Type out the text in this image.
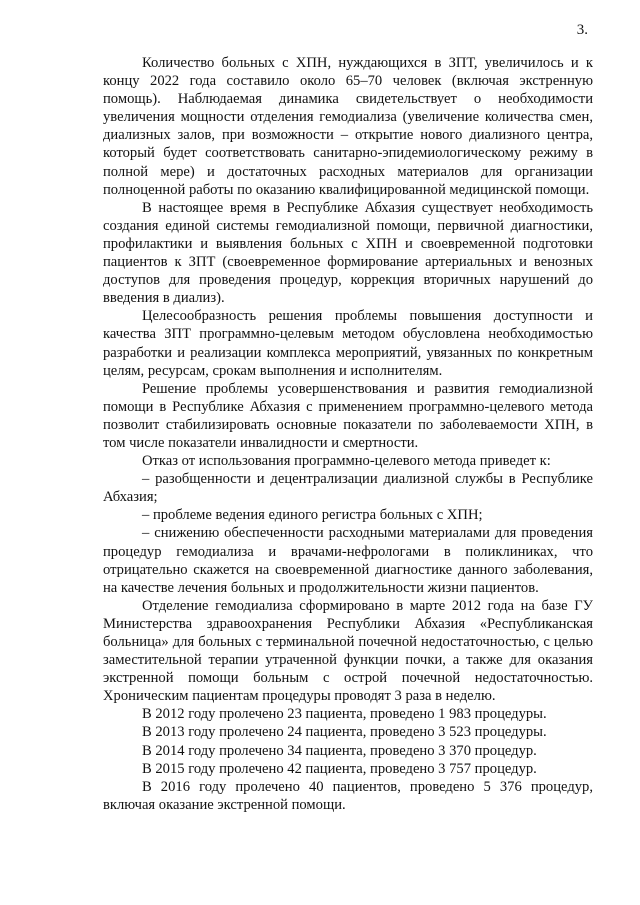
3.

Количество больных с ХПН, нуждающихся в ЗПТ, увеличилось и к концу 2022 года составило около 65–70 человек (включая экстренную помощь). Наблюдаемая динамика свидетельствует о необходимости увеличения мощности отделения гемодиализа (увеличение количества смен, диализных залов, при возможности – открытие нового диализного центра, который будет соответствовать санитарно-эпидемиологическому режиму в полной мере) и достаточных расходных материалов для организации полноценной работы по оказанию квалифицированной медицинской помощи.

В настоящее время в Республике Абхазия существует необходимость создания единой системы гемодиализной помощи, первичной диагностики, профилактики и выявления больных с ХПН и своевременной подготовки пациентов к ЗПТ (своевременное формирование артериальных и венозных доступов для проведения процедур, коррекция вторичных нарушений до введения в диализ).

Целесообразность решения проблемы повышения доступности и качества ЗПТ программно-целевым методом обусловлена необходимостью разработки и реализации комплекса мероприятий, увязанных по конкретным целям, ресурсам, срокам выполнения и исполнителям.

Решение проблемы усовершенствования и развития гемодиализной помощи в Республике Абхазия с применением программно-целевого метода позволит стабилизировать основные показатели по заболеваемости ХПН, в том числе показатели инвалидности и смертности.

Отказ от использования программно-целевого метода приведет к:

– разобщенности и децентрализации диализной службы в Республике Абхазия;

– проблеме ведения единого регистра больных с ХПН;

– снижению обеспеченности расходными материалами для проведения процедур гемодиализа и врачами-нефрологами в поликлиниках, что отрицательно скажется на своевременной диагностике данного заболевания, на качестве лечения больных и продолжительности жизни пациентов.

Отделение гемодиализа сформировано в марте 2012 года на базе ГУ Министерства здравоохранения Республики Абхазия «Республиканская больница» для больных с терминальной почечной недостаточностью, с целью заместительной терапии утраченной функции почки, а также для оказания экстренной помощи больным с острой почечной недостаточностью. Хроническим пациентам процедуры проводят 3 раза в неделю.

В 2012 году пролечено 23 пациента, проведено 1 983 процедуры.

В 2013 году пролечено 24 пациента, проведено 3 523 процедуры.

В 2014 году пролечено 34 пациента, проведено 3 370 процедур.

В 2015 году пролечено 42 пациента, проведено 3 757 процедур.

В 2016 году пролечено 40 пациентов, проведено 5 376 процедур, включая оказание экстренной помощи.
